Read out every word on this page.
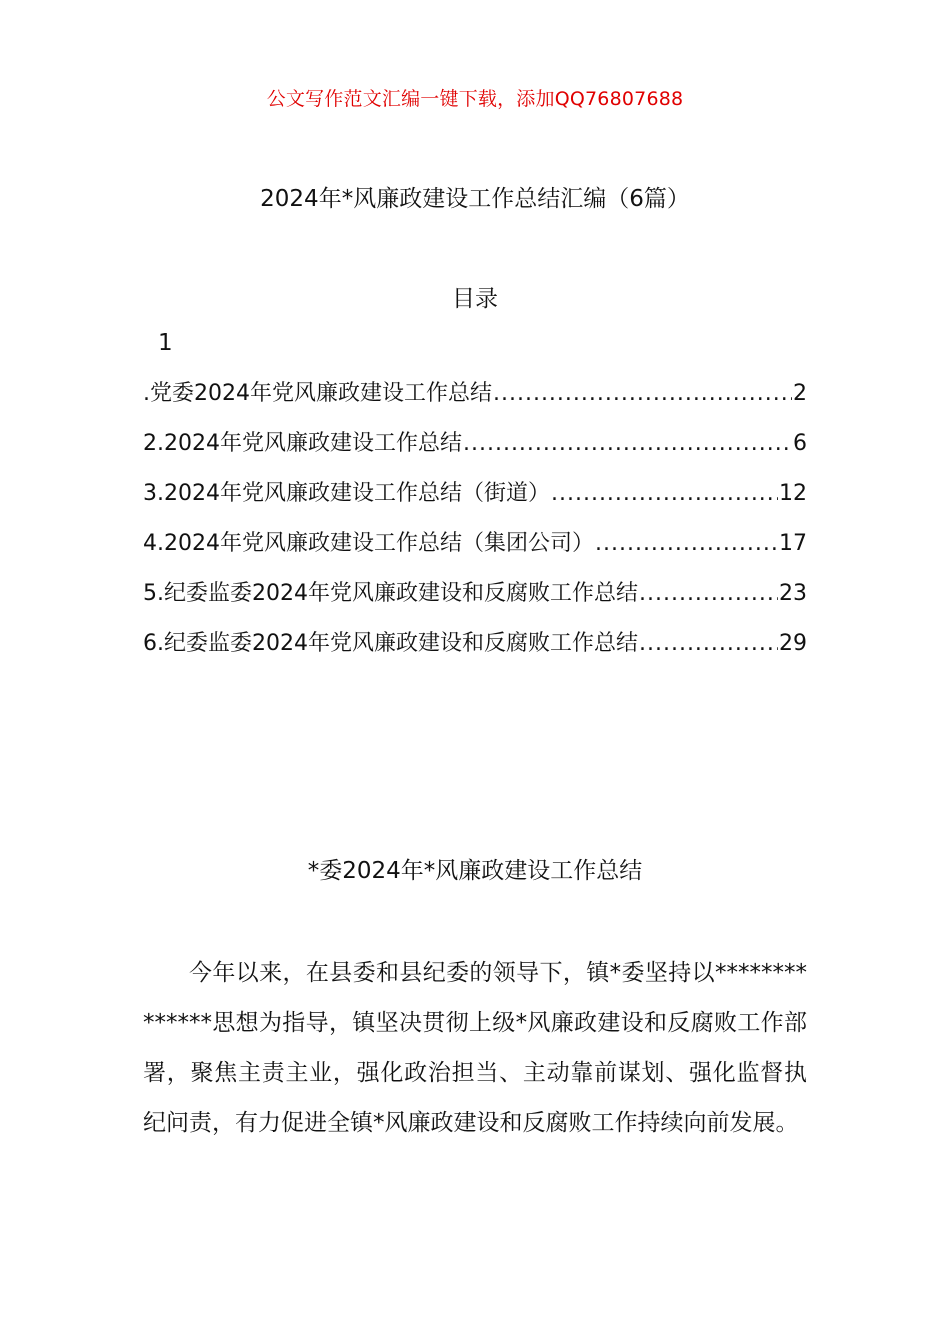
公文写作范文汇编一键下载，添加QQ76807688
2024年*风廉政建设工作总结汇编（6篇）
目录
1
.党委2024年党风廉政建设工作总结 .....	2
2.2024年党风廉政建设工作总结 .....	6
3.2024年党风廉政建设工作总结（街道） .....	12
4.2024年党风廉政建设工作总结（集团公司） .....	17
5.纪委监委2024年党风廉政建设和反腐败工作总结 .....	23
6.纪委监委2024年党风廉政建设和反腐败工作总结 .....	29
*委2024年*风廉政建设工作总结

今年以来，在县委和县纪委的领导下，镇*委坚持以**************思想为指导，镇坚决贯彻上级*风廉政建设和反腐败工作部署，聚焦主责主业，强化政治担当、主动靠前谋划、强化监督执纪问责，有力促进全镇*风廉政建设和反腐败工作持续向前发展。
